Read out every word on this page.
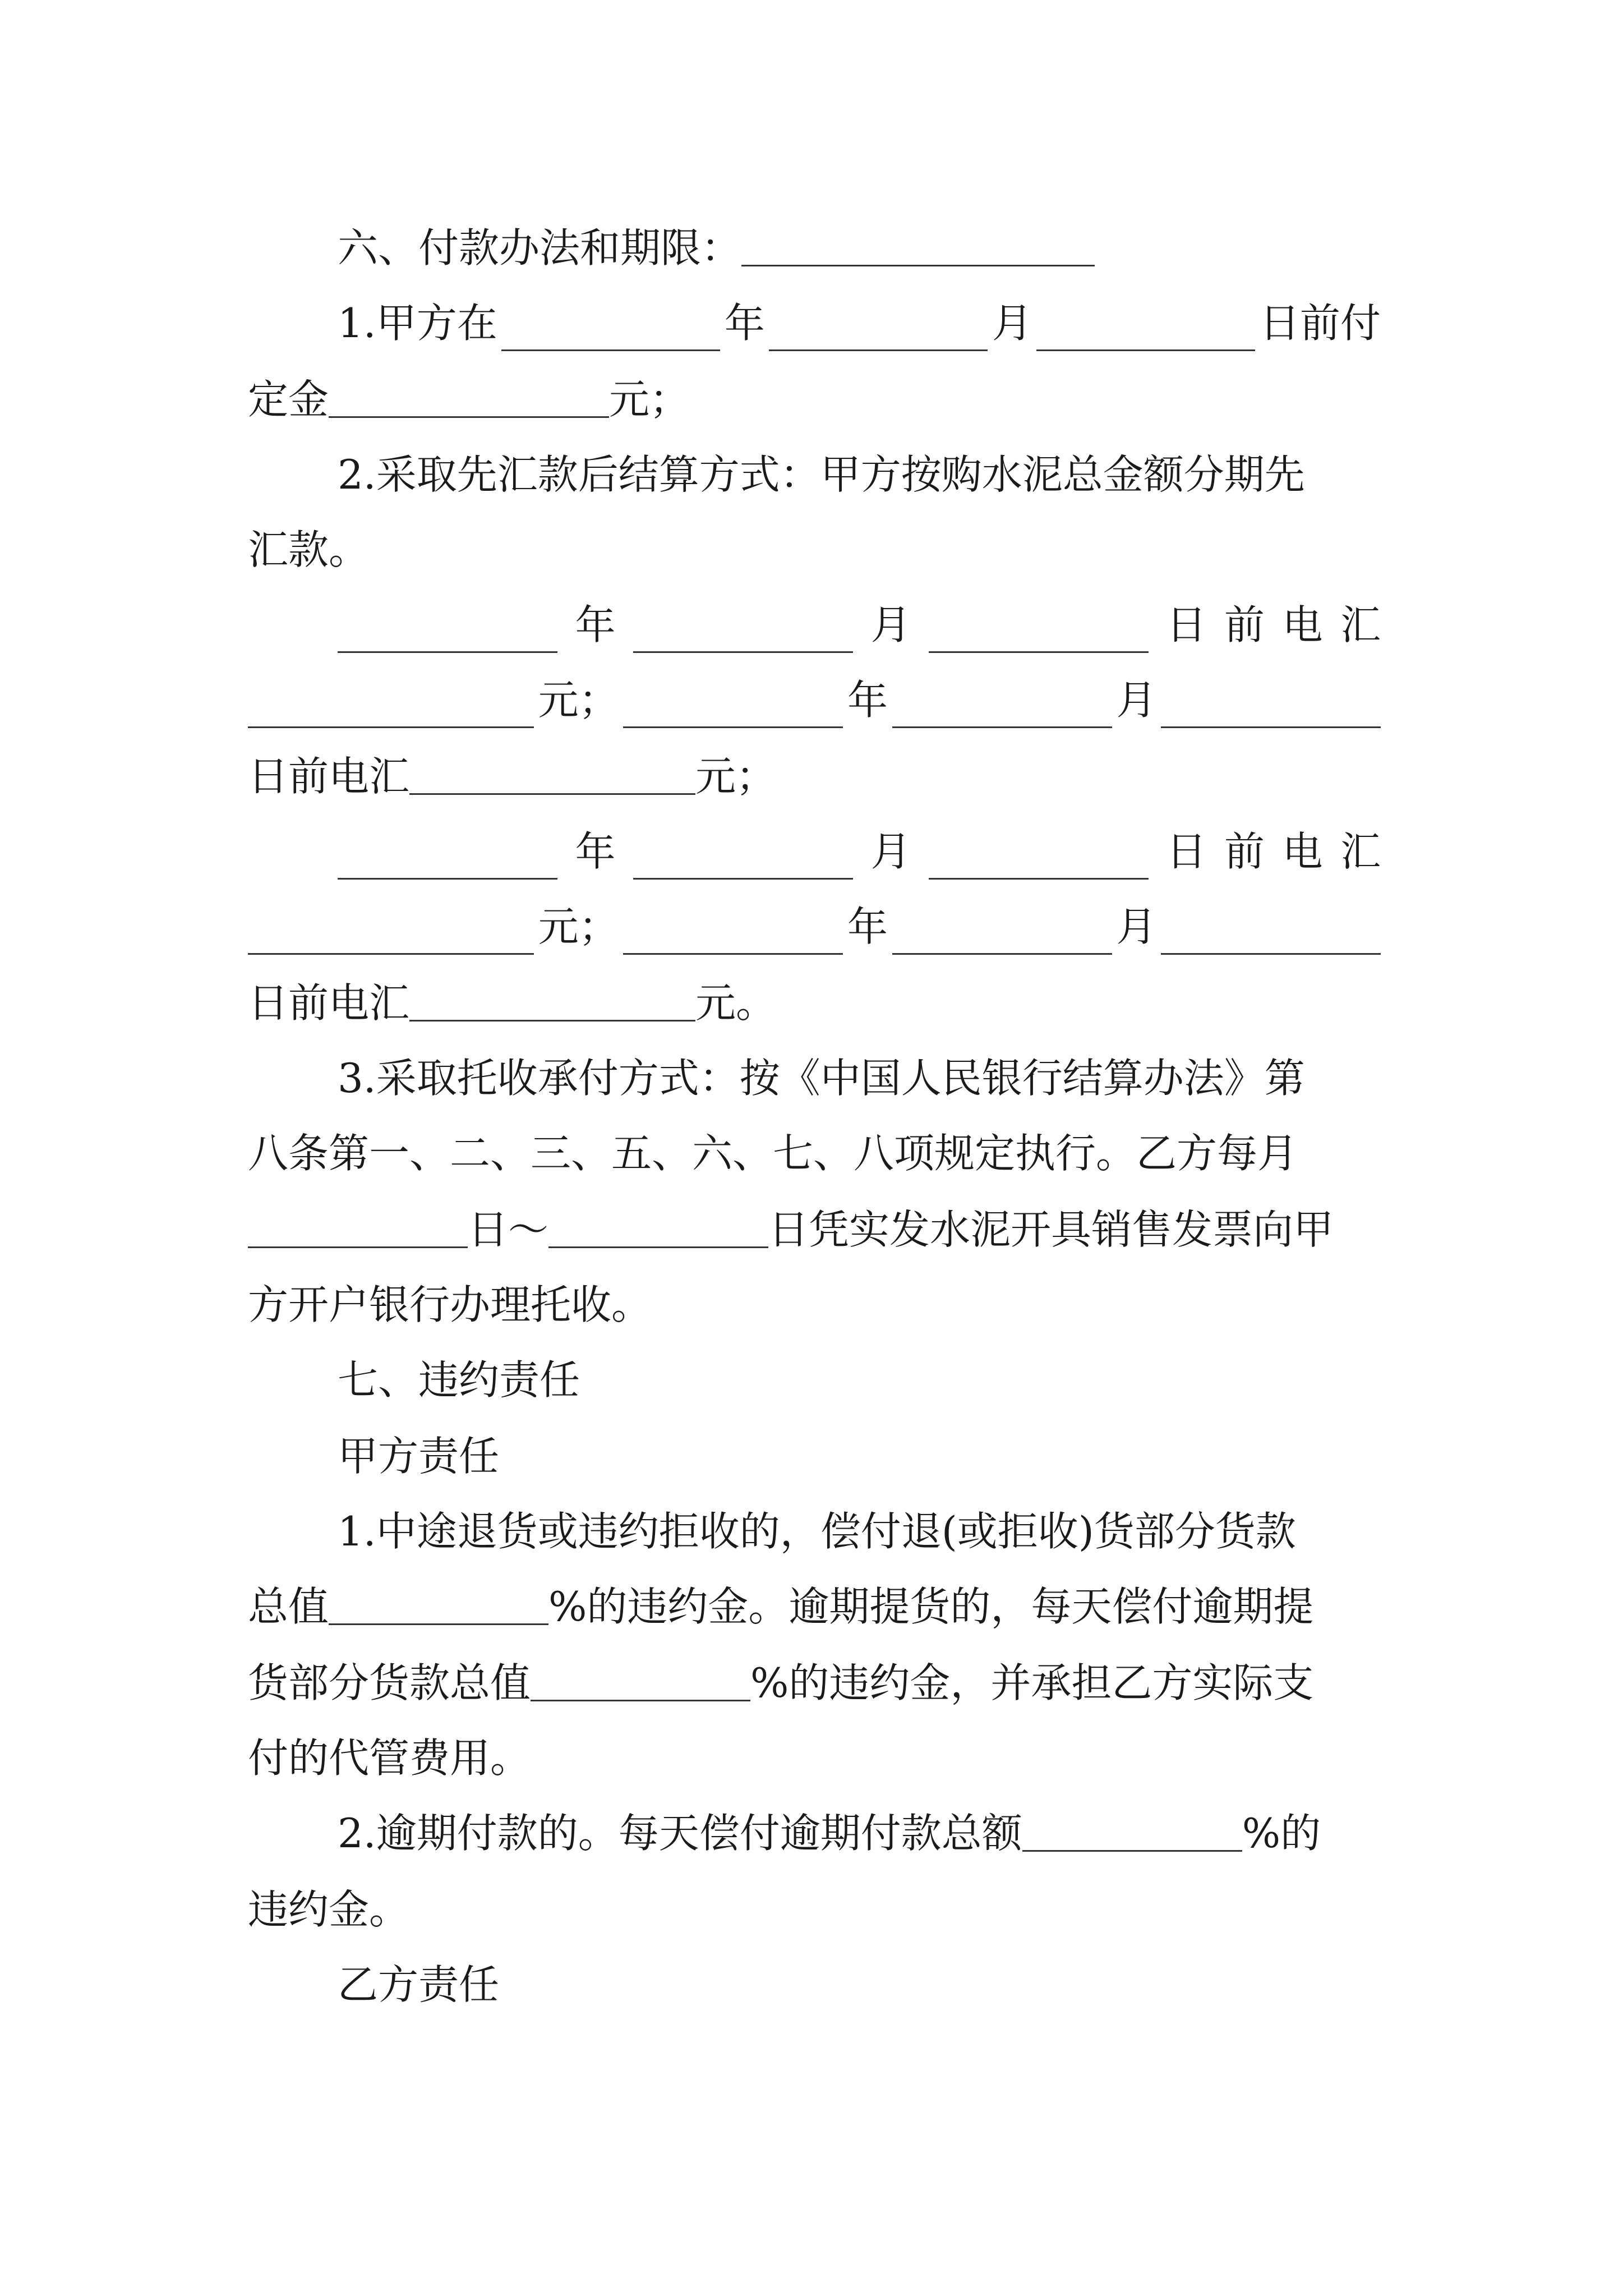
六、付款办法和期限：
1.甲方在	年	月	日前付
定金	元；
2.采取先汇款后结算方式：甲方按购水泥总金额分期先
汇款。
年	月	日 前 电 汇
元；	年	月
日前电汇	元；
年	月	日 前 电 汇
元；	年	月
日前电汇	元。
3.采取托收承付方式：按《中国人民银行结算办法》第
八条第一、二、三、五、六、七、八项规定执行。乙方每月
日～	日凭实发水泥开具销售发票向甲
方开户银行办理托收。
七、违约责任
甲方责任
1.中途退货或违约拒收的，偿付退(或拒收)货部分货款
总值	%的违约金。逾期提货的，每天偿付逾期提
货部分货款总值	%的违约金，并承担乙方实际支
付的代管费用。
2.逾期付款的。每天偿付逾期付款总额	%的
违约金。
乙方责任
